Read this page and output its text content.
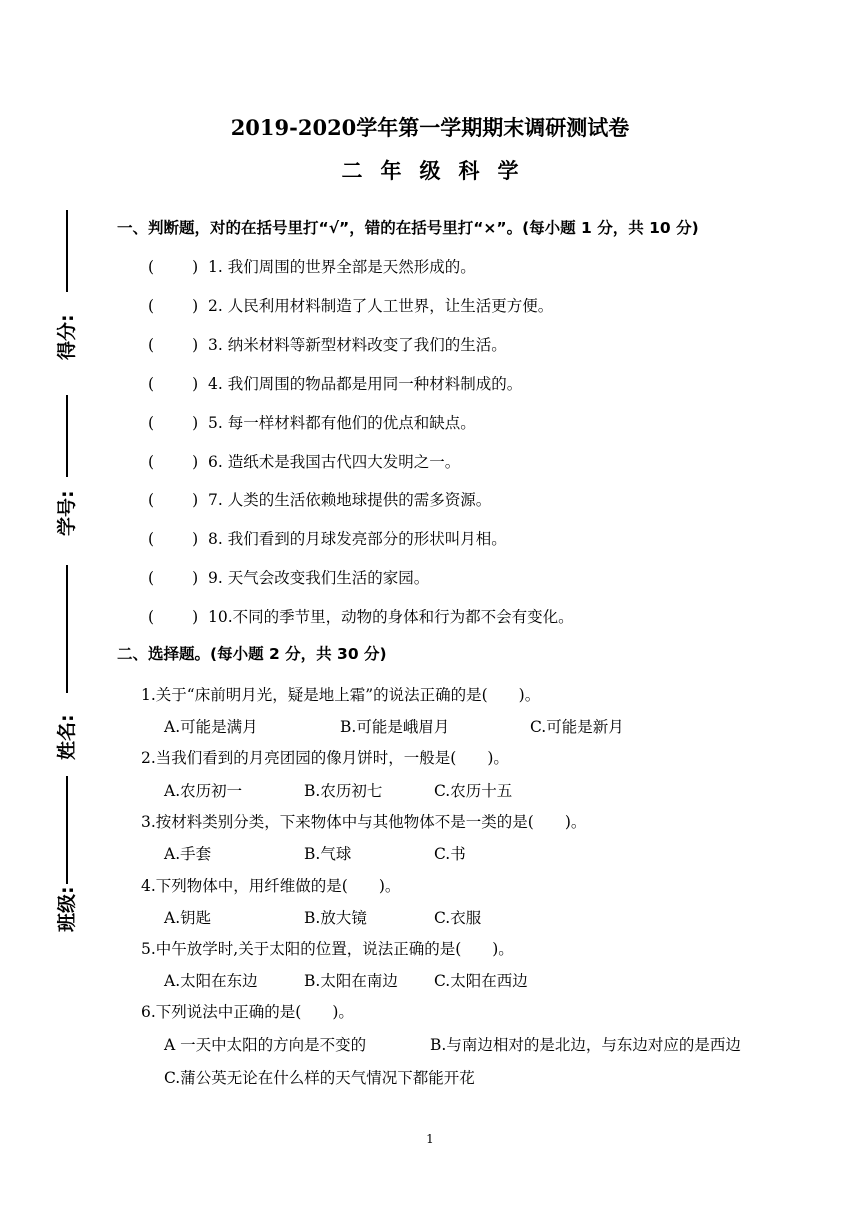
2019-2020学年第一学期期末调研测试卷
二年级科学
得分:
学号:
姓名:
班级:
一、判断题，对的在括号里打“√”，错的在括号里打“×”。(每小题 1 分，共 10 分)
( ) 1. 我们周围的世界全部是天然形成的。
( ) 2. 人民利用材料制造了人工世界，让生活更方便。
( ) 3. 纳米材料等新型材料改变了我们的生活。
( ) 4. 我们周围的物品都是用同一种材料制成的。
( ) 5. 每一样材料都有他们的优点和缺点。
( ) 6. 造纸术是我国古代四大发明之一。
( ) 7. 人类的生活依赖地球提供的需多资源。
( ) 8. 我们看到的月球发亮部分的形状叫月相。
( ) 9. 天气会改变我们生活的家园。
( ) 10.不同的季节里，动物的身体和行为都不会有变化。
二、选择题。(每小题 2 分，共 30 分)
1.关于“床前明月光，疑是地上霜”的说法正确的是(　　)。
A.可能是满月	B.可能是峨眉月	C.可能是新月
2.当我们看到的月亮团园的像月饼时，一般是(　　)。
A.农历初一	B.农历初七	C.农历十五
3.按材料类别分类，下来物体中与其他物体不是一类的是(　　)。
A.手套	B.气球	C.书
4.下列物体中，用纤维做的是(　　)。
A.钥匙	B.放大镜	C.衣服
5.中午放学时,关于太阳的位置，说法正确的是(　　)。
A.太阳在东边	B.太阳在南边 C.太阳在西边
6.下列说法中正确的是(　　)。
A 一天中太阳的方向是不变的	B.与南边相对的是北边，与东边对应的是西边
C.蒲公英无论在什么样的天气情况下都能开花
1
